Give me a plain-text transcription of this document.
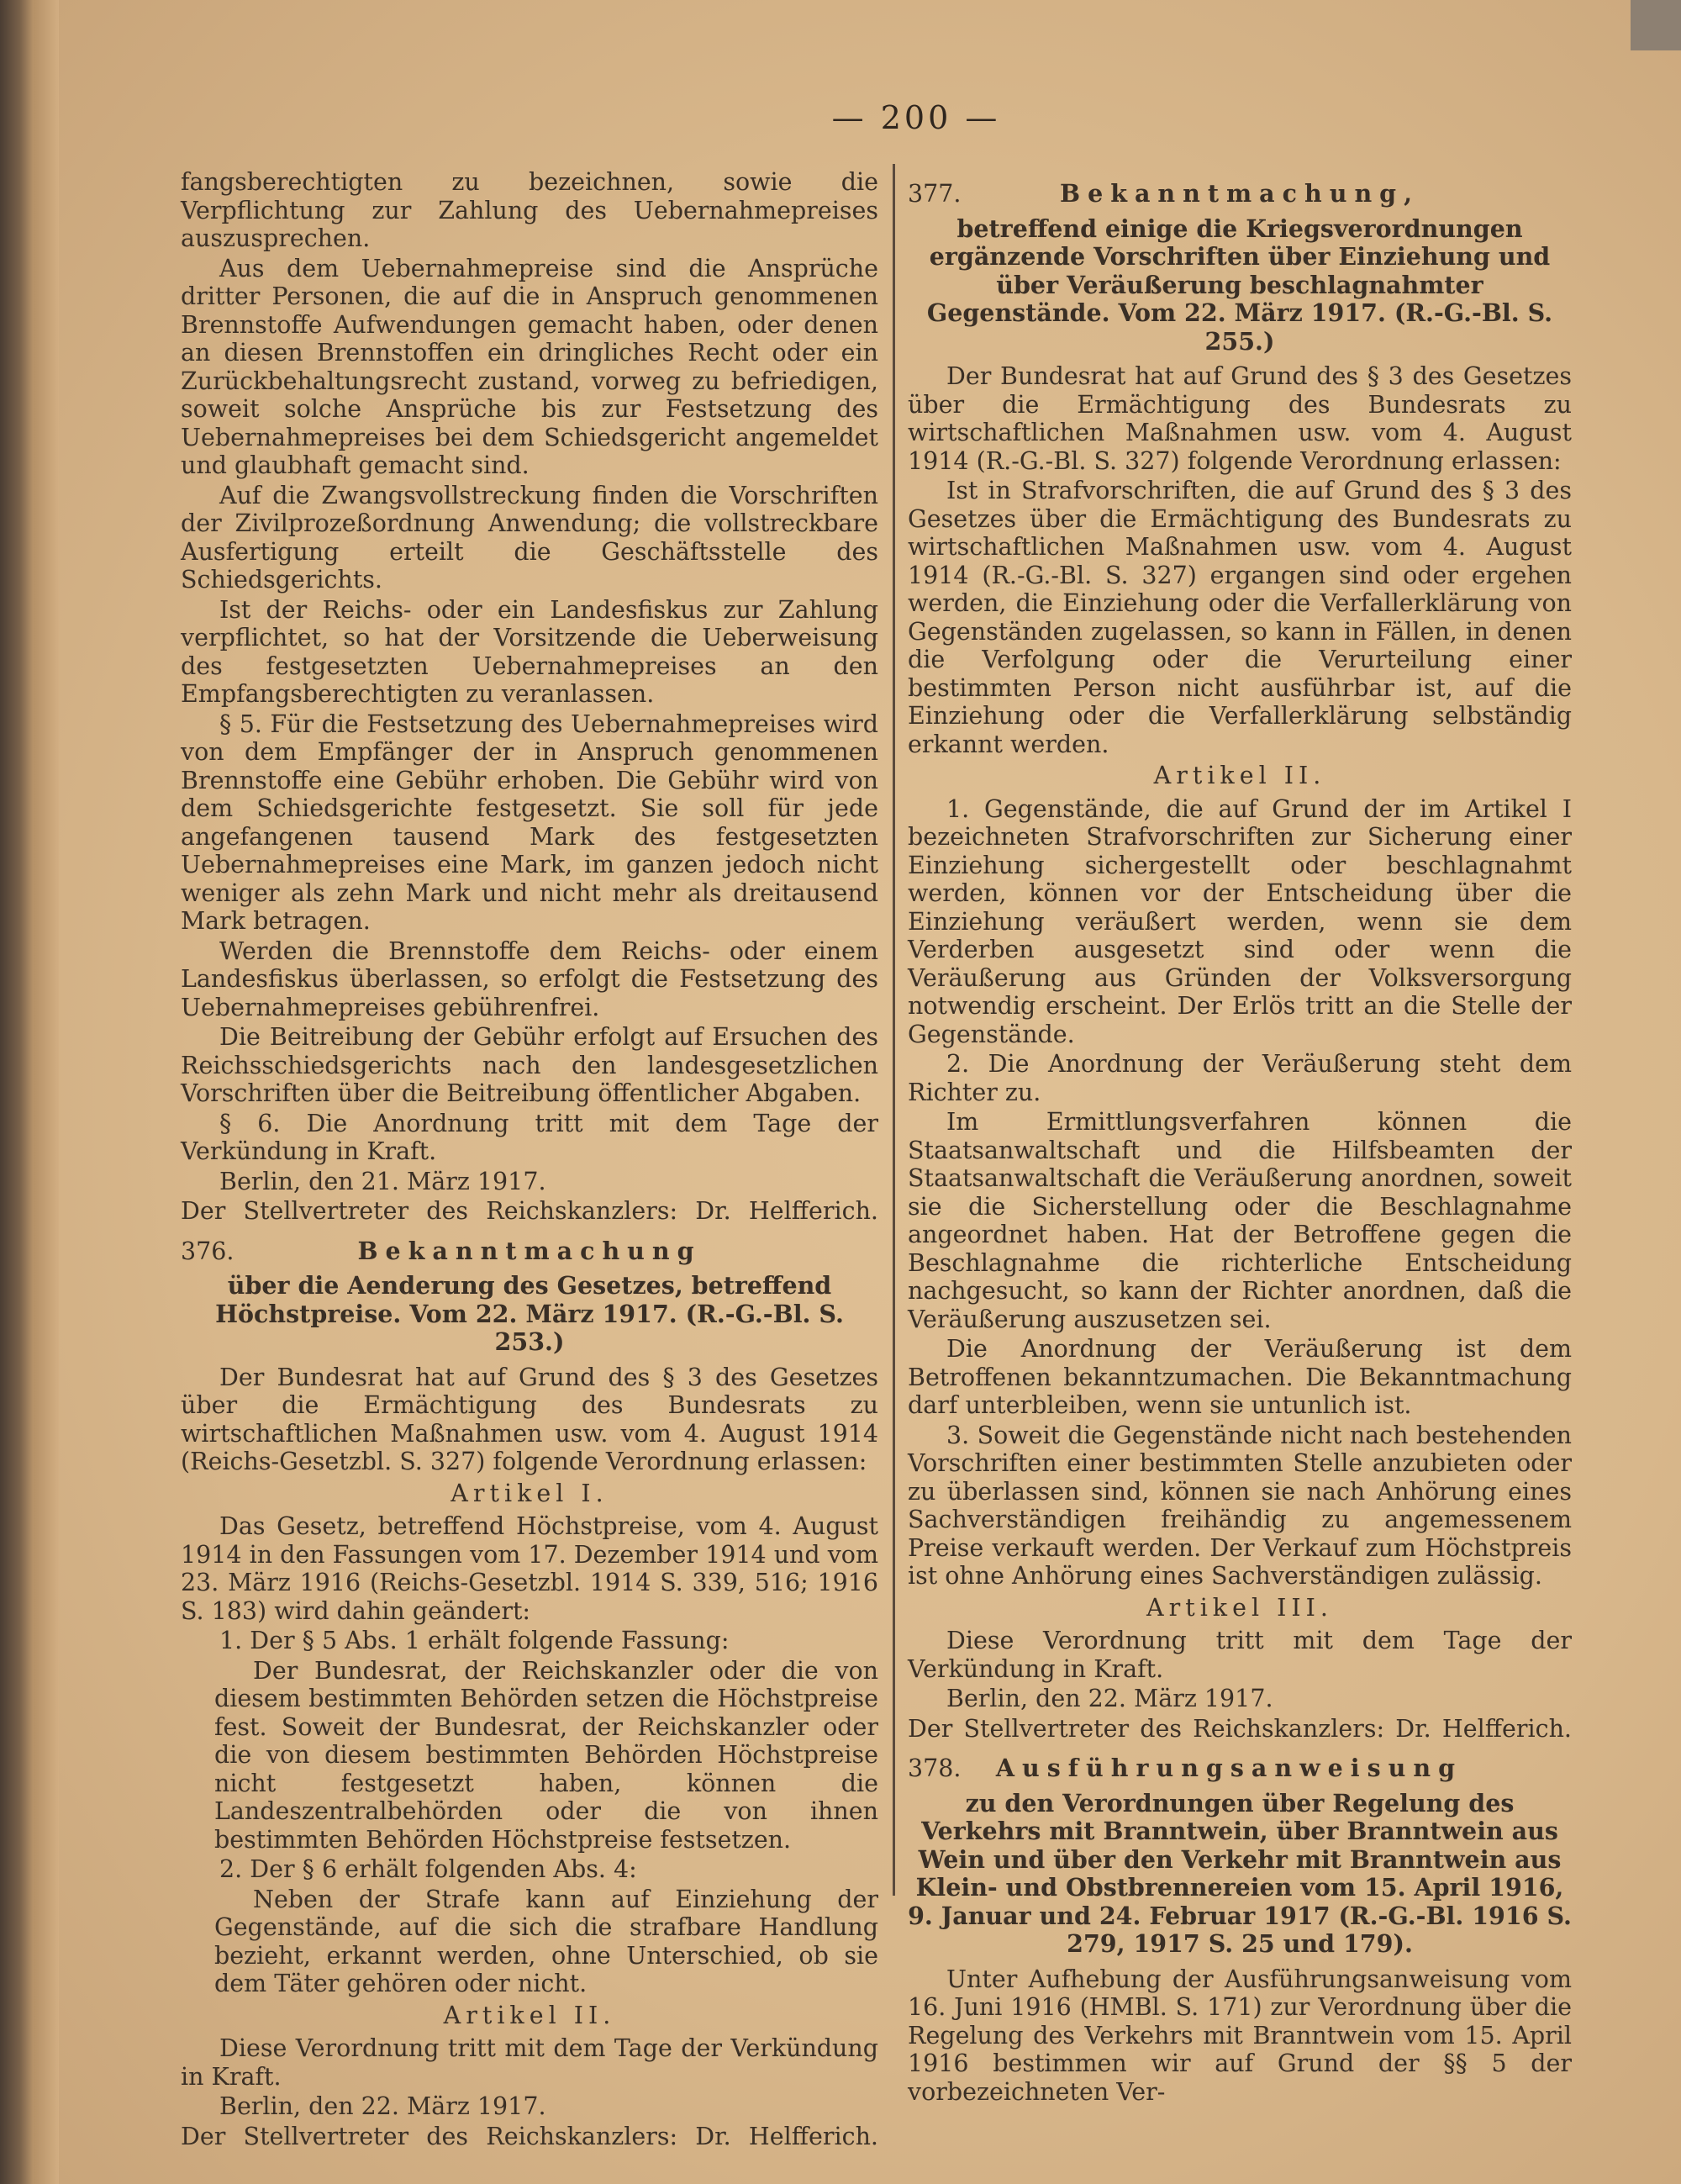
— 200 —
fangsberechtigten zu bezeichnen, sowie die Verpflichtung zur Zahlung des Uebernahmepreises auszusprechen.
Aus dem Uebernahmepreise sind die Ansprüche dritter Personen, die auf die in Anspruch genommenen Brennstoffe Aufwendungen gemacht haben, oder denen an diesen Brennstoffen ein dringliches Recht oder ein Zurückbehaltungsrecht zustand, vorweg zu befriedigen, soweit solche Ansprüche bis zur Festsetzung des Uebernahmepreises bei dem Schiedsgericht angemeldet und glaubhaft gemacht sind.
Auf die Zwangsvollstreckung finden die Vorschriften der Zivilprozeßordnung Anwendung; die vollstreckbare Ausfertigung erteilt die Geschäftsstelle des Schiedsgerichts.
Ist der Reichs- oder ein Landesfiskus zur Zahlung verpflichtet, so hat der Vorsitzende die Ueberweisung des festgesetzten Uebernahmepreises an den Empfangsberechtigten zu veranlassen.
§ 5. Für die Festsetzung des Uebernahmepreises wird von dem Empfänger der in Anspruch genommenen Brennstoffe eine Gebühr erhoben. Die Gebühr wird von dem Schiedsgerichte festgesetzt. Sie soll für jede angefangenen tausend Mark des festgesetzten Uebernahmepreises eine Mark, im ganzen jedoch nicht weniger als zehn Mark und nicht mehr als dreitausend Mark betragen.
Werden die Brennstoffe dem Reichs- oder einem Landesfiskus überlassen, so erfolgt die Festsetzung des Uebernahmepreises gebührenfrei.
Die Beitreibung der Gebühr erfolgt auf Ersuchen des Reichsschiedsgerichts nach den landesgesetzlichen Vorschriften über die Beitreibung öffentlicher Abgaben.
§ 6. Die Anordnung tritt mit dem Tage der Verkündung in Kraft.
Berlin, den 21. März 1917.
Der Stellvertreter des Reichskanzlers: Dr. Helfferich.
376.	Bekanntmachung
über die Aenderung des Gesetzes, betreffend Höchstpreise. Vom 22. März 1917. (R.-G.-Bl. S. 253.)
Der Bundesrat hat auf Grund des § 3 des Gesetzes über die Ermächtigung des Bundesrats zu wirtschaftlichen Maßnahmen usw. vom 4. August 1914 (Reichs-Gesetzbl. S. 327) folgende Verordnung erlassen:
Artikel I.
Das Gesetz, betreffend Höchstpreise, vom 4. August 1914 in den Fassungen vom 17. Dezember 1914 und vom 23. März 1916 (Reichs-Gesetzbl. 1914 S. 339, 516; 1916 S. 183) wird dahin geändert:
1. Der § 5 Abs. 1 erhält folgende Fassung:
Der Bundesrat, der Reichskanzler oder die von diesem bestimmten Behörden setzen die Höchstpreise fest. Soweit der Bundesrat, der Reichskanzler oder die von diesem bestimmten Behörden Höchstpreise nicht festgesetzt haben, können die Landeszentralbehörden oder die von ihnen bestimmten Behörden Höchstpreise festsetzen.
2. Der § 6 erhält folgenden Abs. 4:
Neben der Strafe kann auf Einziehung der Gegenstände, auf die sich die strafbare Handlung bezieht, erkannt werden, ohne Unterschied, ob sie dem Täter gehören oder nicht.
Artikel II.
Diese Verordnung tritt mit dem Tage der Verkündung in Kraft.
Berlin, den 22. März 1917.
Der Stellvertreter des Reichskanzlers: Dr. Helfferich.
377.	Bekanntmachung,
betreffend einige die Kriegsverordnungen ergänzende Vorschriften über Einziehung und über Veräußerung beschlagnahmter Gegenstände. Vom 22. März 1917. (R.-G.-Bl. S. 255.)
Der Bundesrat hat auf Grund des § 3 des Gesetzes über die Ermächtigung des Bundesrats zu wirtschaftlichen Maßnahmen usw. vom 4. August 1914 (R.-G.-Bl. S. 327) folgende Verordnung erlassen:
Ist in Strafvorschriften, die auf Grund des § 3 des Gesetzes über die Ermächtigung des Bundesrats zu wirtschaftlichen Maßnahmen usw. vom 4. August 1914 (R.-G.-Bl. S. 327) ergangen sind oder ergehen werden, die Einziehung oder die Verfallerklärung von Gegenständen zugelassen, so kann in Fällen, in denen die Verfolgung oder die Verurteilung einer bestimmten Person nicht ausführbar ist, auf die Einziehung oder die Verfallerklärung selbständig erkannt werden.
Artikel II.
1. Gegenstände, die auf Grund der im Artikel I bezeichneten Strafvorschriften zur Sicherung einer Einziehung sichergestellt oder beschlagnahmt werden, können vor der Entscheidung über die Einziehung veräußert werden, wenn sie dem Verderben ausgesetzt sind oder wenn die Veräußerung aus Gründen der Volksversorgung notwendig erscheint. Der Erlös tritt an die Stelle der Gegenstände.
2. Die Anordnung der Veräußerung steht dem Richter zu.
Im Ermittlungsverfahren können die Staatsanwaltschaft und die Hilfsbeamten der Staatsanwaltschaft die Veräußerung anordnen, soweit sie die Sicherstellung oder die Beschlagnahme angeordnet haben. Hat der Betroffene gegen die Beschlagnahme die richterliche Entscheidung nachgesucht, so kann der Richter anordnen, daß die Veräußerung auszusetzen sei.
Die Anordnung der Veräußerung ist dem Betroffenen bekanntzumachen. Die Bekanntmachung darf unterbleiben, wenn sie untunlich ist.
3. Soweit die Gegenstände nicht nach bestehenden Vorschriften einer bestimmten Stelle anzubieten oder zu überlassen sind, können sie nach Anhörung eines Sachverständigen freihändig zu angemessenem Preise verkauft werden. Der Verkauf zum Höchstpreis ist ohne Anhörung eines Sachverständigen zulässig.
Artikel III.
Diese Verordnung tritt mit dem Tage der Verkündung in Kraft.
Berlin, den 22. März 1917.
Der Stellvertreter des Reichskanzlers: Dr. Helfferich.
378.	Ausführungsanweisung
zu den Verordnungen über Regelung des Verkehrs mit Branntwein, über Branntwein aus Wein und über den Verkehr mit Branntwein aus Klein- und Obstbrennereien vom 15. April 1916, 9. Januar und 24. Februar 1917 (R.-G.-Bl. 1916 S. 279, 1917 S. 25 und 179).
Unter Aufhebung der Ausführungsanweisung vom 16. Juni 1916 (HMBl. S. 171) zur Verordnung über die Regelung des Verkehrs mit Branntwein vom 15. April 1916 bestimmen wir auf Grund der §§ 5 der vorbezeichneten Ver-
